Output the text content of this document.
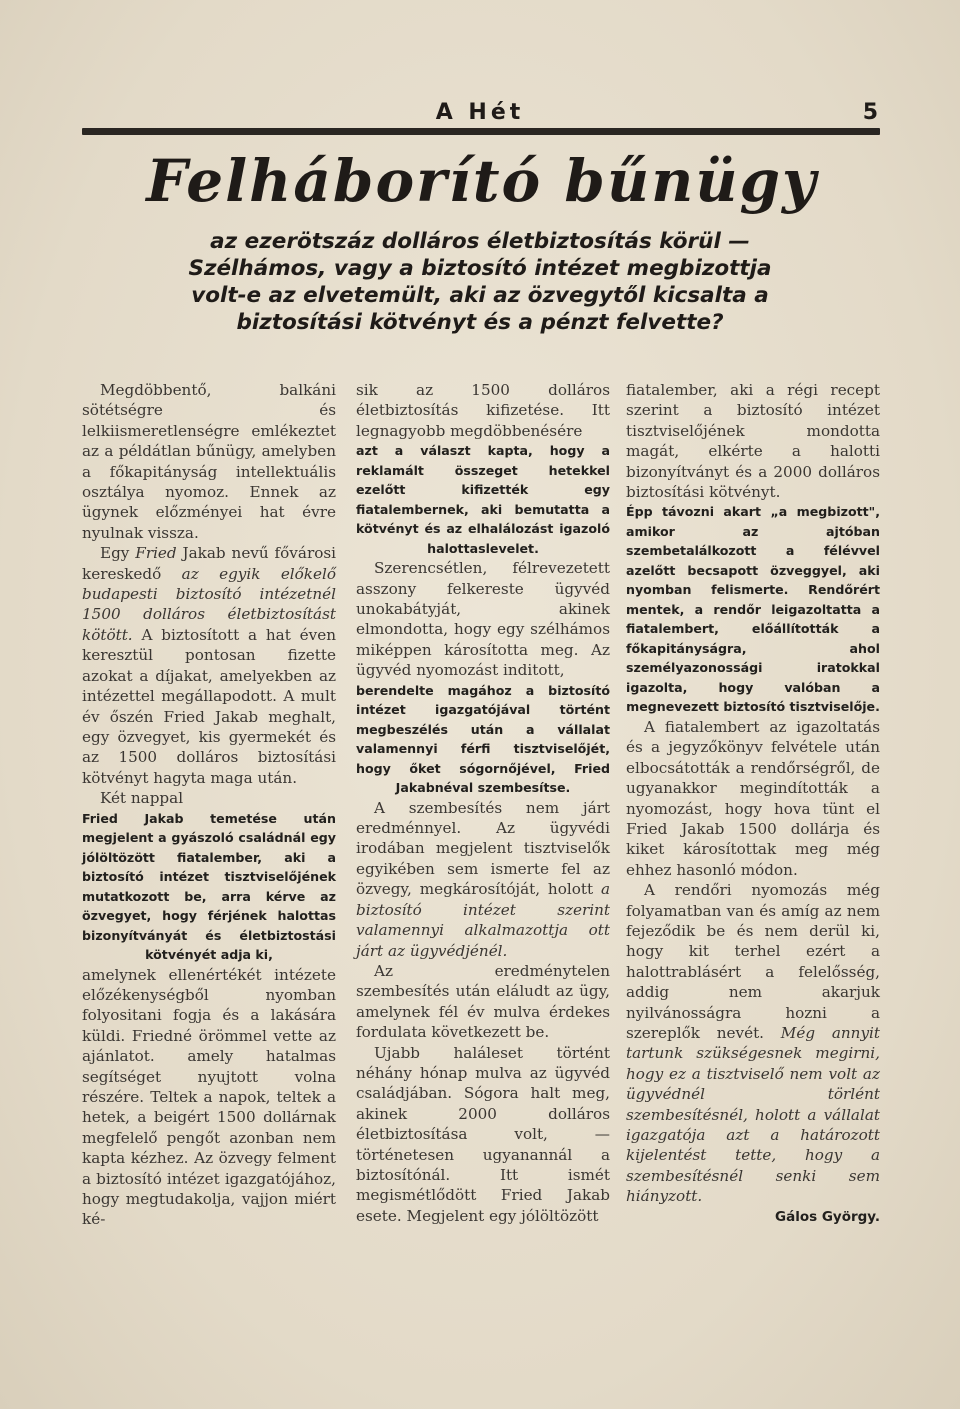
A Hét	5
Felháborító bűnügy

az ezerötszáz dolláros életbiztosítás körül — Szélhámos, vagy a biztosító intézet megbizottja volt-e az elvetemült, aki az özvegytől kicsalta a biztosítási kötvényt és a pénzt felvette?

Megdöbbentő, balkáni sötétségre és lelkiismeretlenségre emlékeztet az a példátlan bűnügy, amelyben a főkapitányság intellektuális osztálya nyomoz. Ennek az ügynek előzményei hat évre nyulnak vissza.

Egy Fried Jakab nevű fővárosi kereskedő az egyik előkelő budapesti biztosító intézetnél 1500 dolláros életbiztosítást kötött. A biztosított a hat éven keresztül pontosan fizette azokat a díjakat, amelyekben az intézettel megállapodott. A mult év őszén Fried Jakab meghalt, egy özvegyet, kis gyermekét és az 1500 dolláros biztosítási kötvényt hagyta maga után.

Két nappal

Fried Jakab temetése után megjelent a gyászoló családnál egy jólöltözött fiatalember, aki a biztosító intézet tisztviselőjének mutatkozott be, arra kérve az özvegyet, hogy férjének halottas bizonyítványát és életbiztostási kötvényét adja ki,

amelynek ellenértékét intézete előzékenységből nyomban folyositani fogja és a lakására küldi. Friedné örömmel vette az ajánlatot. amely hatalmas segítséget nyujtott volna részére. Teltek a napok, teltek a hetek, a beigért 1500 dollárnak megfelelő pengőt azonban nem kapta kézhez. Az özvegy felment a biztosító intézet igazgatójához, hogy megtudakolja, vajjon miért ké-

sik az 1500 dolláros életbiztosítás kifizetése. Itt legnagyobb megdöbbenésére

azt a választ kapta, hogy a reklamált összeget hetekkel ezelőtt kifizették egy fiatalembernek, aki bemutatta a kötvényt és az elhalálozást igazoló halottaslevelet.

Szerencsétlen, félrevezetett asszony felkereste ügyvéd unokabátyját, akinek elmondotta, hogy egy szélhámos miképpen károsította meg. Az ügyvéd nyomozást inditott,

berendelte magához a biztosító intézet igazgatójával történt megbeszélés után a vállalat valamennyi férfi tisztviselőjét, hogy őket sógornőjével, Fried Jakabnéval szembesítse.

A szembesítés nem járt eredménnyel. Az ügyvédi irodában megjelent tisztviselők egyikében sem ismerte fel az özvegy, megkárosítóját, holott a biztosító intézet szerint valamennyi alkalmazottja ott járt az ügyvédjénél.

Az eredménytelen szembesítés után eláludt az ügy, amelynek fél év mulva érdekes fordulata következett be.

Ujabb haláleset történt néhány hónap mulva az ügyvéd családjában. Sógora halt meg, akinek 2000 dolláros életbiztosítása volt, — történetesen ugyanannál a biztosítónál. Itt ismét megismétlődött Fried Jakab esete. Megjelent egy jólöltözött

fiatalember, aki a régi recept szerint a biztosító intézet tisztviselőjének mondotta magát, elkérte a halotti bizonyítványt és a 2000 dolláros biztosítási kötvényt.

Épp távozni akart „a megbizott", amikor az ajtóban szembetalálkozott a félévvel azelőtt becsapott özveggyel, aki nyomban felismerte. Rendőrért mentek, a rendőr leigazoltatta a fiatalembert, előállították a főkapitányságra, ahol személyazonossági iratokkal igazolta, hogy valóban a megnevezett biztosító tisztviselője.

A fiatalembert az igazoltatás és a jegyzőkönyv felvétele után elbocsátották a rendőrségről, de ugyanakkor megindították a nyomozást, hogy hova tünt el Fried Jakab 1500 dollárja és kiket károsítottak meg még ehhez hasonló módon.

A rendőri nyomozás még folyamatban van és amíg az nem fejeződik be és nem derül ki, hogy kit terhel ezért a halottrablásért a felelősség, addig nem akarjuk nyilvánosságra hozni a szereplők nevét. Még annyit tartunk szükségesnek megirni, hogy ez a tisztviselő nem volt az ügyvédnél törlént szembesítésnél, holott a vállalat igazgatója azt a határozott kijelentést tette, hogy a szembesítésnél senki sem hiányzott.

Gálos György.
